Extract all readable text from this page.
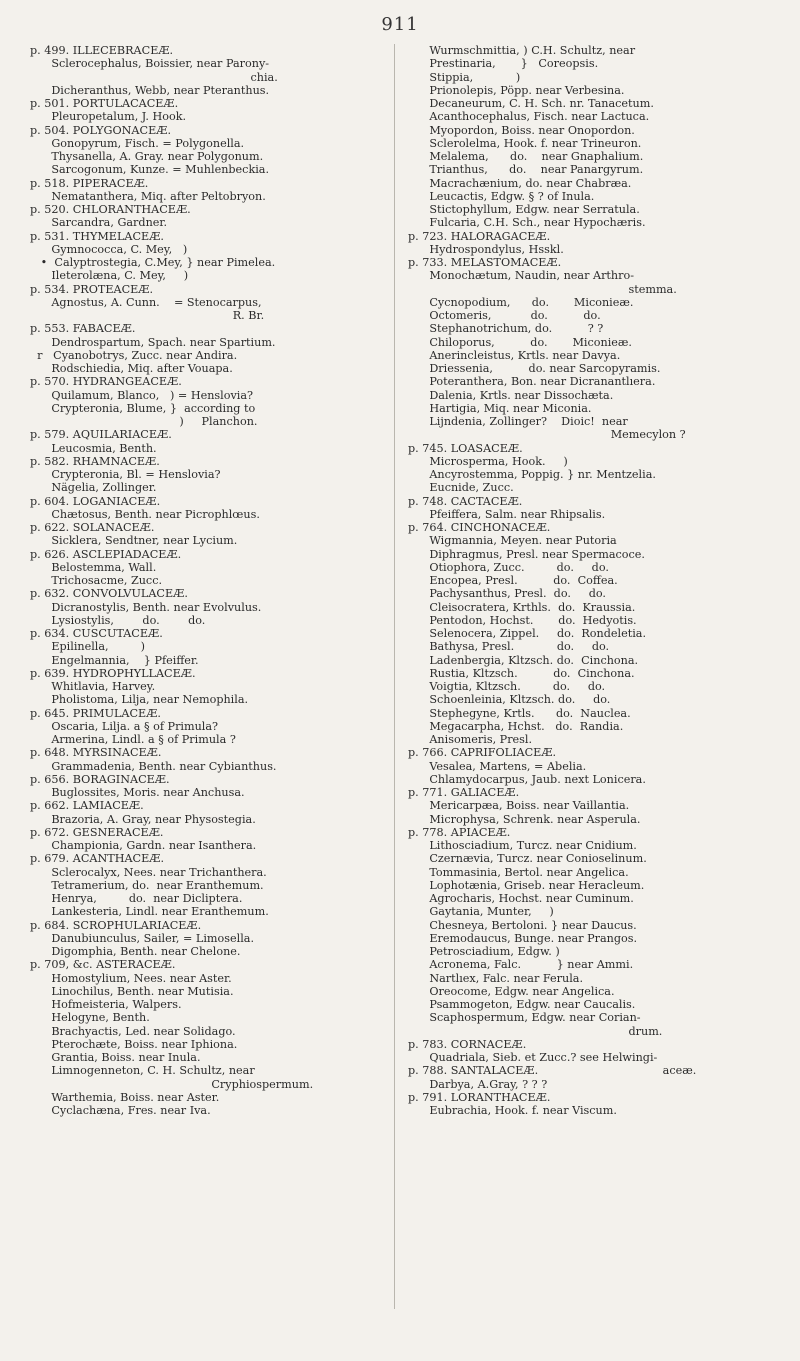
911
p. 499. ILLECEBRACEÆ.
Sclerocephalus, Boissier, near Parony-
chia.
Dicheranthus, Webb, near Pteranthus.
p. 501. PORTULACACEÆ.
Pleuropetalum, J. Hook.
p. 504. POLYGONACEÆ.
Gonopyrum, Fisch. = Polygonella.
Thysanella, A. Gray. near Polygonum.
Sarcogonum, Kunze. = Muhlenbeckia.
p. 518. PIPERACEÆ.
Nematanthera, Miq. after Peltobryon.
p. 520. CHLORANTHACEÆ.
Sarcandra, Gardner.
p. 531. THYMELACEÆ.
Gymnococca, C. Mey,   )
•  Calyptrostegia, C.Mey, } near Pimelea.
Ileterolæna, C. Mey,     )
p. 534. PROTEACEÆ.
Agnostus, A. Cunn.    = Stenocarpus,
R. Br.
p. 553. FABACEÆ.
Dendrospartum, Spach. near Spartium.
r   Cyanobotrys, Zucc. near Andira.
Rodschiedia, Miq. after Vouapa.
p. 570. HYDRANGEACEÆ.
Quilamum, Blanco,   ) = Henslovia?
Crypteronia, Blume, }  according to
)     Planchon.
p. 579. AQUILARIACEÆ.
Leucosmia, Benth.
p. 582. RHAMNACEÆ.
Crypteronia, Bl. = Henslovia?
Nägelia, Zollinger.
p. 604. LOGANIACEÆ.
Chætosus, Benth. near Picrophlœus.
p. 622. SOLANACEÆ.
Sicklera, Sendtner, near Lycium.
p. 626. ASCLEPIADACEÆ.
Belostemma, Wall.
Trichosacme, Zucc.
p. 632. CONVOLVULACEÆ.
Dicranostylis, Benth. near Evolvulus.
Lysiostylis,        do.        do.
p. 634. CUSCUTACEÆ.
Epilinella,         )
Engelmannia,    } Pfeiffer.
p. 639. HYDROPHYLLACEÆ.
Whitlavia, Harvey.
Pholistoma, Lilja, near Nemophila.
p. 645. PRIMULACEÆ.
Oscaria, Lilja. a § of Primula?
Armerina, Lindl. a § of Primula ?
p. 648. MYRSINACEÆ.
Grammadenia, Benth. near Cybianthus.
p. 656. BORAGINACEÆ.
Buglossites, Moris. near Anchusa.
p. 662. LAMIACEÆ.
Brazoria, A. Gray, near Physostegia.
p. 672. GESNERACEÆ.
Championia, Gardn. near Isanthera.
p. 679. ACANTHACEÆ.
Sclerocalyx, Nees. near Trichanthera.
Tetramerium, do.  near Eranthemum.
Henrya,         do.  near Dicliptera.
Lankesteria, Lindl. near Eranthemum.
p. 684. SCROPHULARIACEÆ.
Danubiunculus, Sailer, = Limosella.
Digomphia, Benth. near Chelone.
p. 709, &c. ASTERACEÆ.
Homostylium, Nees. near Aster.
Linochilus, Benth. near Mutisia.
Hofmeisteria, Walpers.
Helogyne, Benth.
Brachyactis, Led. near Solidago.
Pterochæte, Boiss. near Iphiona.
Grantia, Boiss. near Inula.
Limnogenneton, C. H. Schultz, near
Cryphiospermum.
Warthemia, Boiss. near Aster.
Cyclachæna, Fres. near Iva.
Wurmschmittia, ) C.H. Schultz, near
Prestinaria,       }   Coreopsis.
Stippia,            )
Prionolepis, Pöpp. near Verbesina.
Decaneurum, C. H. Sch. nr. Tanacetum.
Acanthocephalus, Fisch. near Lactuca.
Myopordon, Boiss. near Onopordon.
Sclerolelma, Hook. f. near Trineuron.
Melalema,      do.    near Gnaphalium.
Trianthus,      do.    near Panargyrum.
Macrachænium, do. near Chabræa.
Leucactis, Edgw. § ? of Inula.
Stictophyllum, Edgw. near Serratula.
Fulcaria, C.H. Sch., near Hypochæris.
p. 723. HALORAGACEÆ.
Hydrospondylus, Hsskl.
p. 733. MELASTOMACEÆ.
Monochætum, Naudin, near Arthro-
stemma.
Cycnopodium,      do.       Miconieæ.
Octomeris,           do.          do.
Stephanotrichum, do.          ? ?
Chiloporus,          do.       Miconieæ.
Anerincleistus, Krtls. near Davya.
Driessenia,          do. near Sarcopyramis.
Poteranthera, Bon. near Dicranantlıera.
Dalenia, Krtls. near Dissochæta.
Hartigia, Miq. near Miconia.
Lijndenia, Zollinger?    Dioic!  near
Memecylon ?
p. 745. LOASACEÆ.
Microsperma, Hook.     )
Ancyrostemma, Poppig. } nr. Mentzelia.
Eucnide, Zucc.
p. 748. CACTACEÆ.
Pfeiffera, Salm. near Rhipsalis.
p. 764. CINCHONACEÆ.
Wigmannia, Meyen. near Putoria
Diphragmus, Presl. near Spermacoce.
Otiophora, Zucc.         do.     do.
Encopea, Presl.          do.  Coffea.
Pachysanthus, Presl.  do.     do.
Cleisocratera, Krthls.  do.  Kraussia.
Pentodon, Hochst.       do.  Hedyotis.
Selenocera, Zippel.     do.  Rondeletia.
Bathysa, Presl.            do.     do.
Ladenbergia, Kltzsch. do.  Cinchona.
Rustia, Kltzsch.          do.  Cinchona.
Voigtia, Kltzsch.         do.     do.
Schoenleinia, Kltzsch. do.     do.
Stephegyne, Krtls.      do.  Nauclea.
Megacarpha, Hchst.   do.  Randia.
Anisomeris, Presl.
p. 766. CAPRIFOLIACEÆ.
Vesalea, Martens, = Abelia.
Chlamydocarpus, Jaub. next Lonicera.
p. 771. GALIACEÆ.
Mericarpæa, Boiss. near Vaillantia.
Microphysa, Schrenk. near Asperula.
p. 778. APIACEÆ.
Lithosciadium, Turcz. near Cnidium.
Czernævia, Turcz. near Conioselinum.
Tommasinia, Bertol. near Angelica.
Lophotænia, Griseb. near Heracleum.
Agrocharis, Hochst. near Cuminum.
Gaytania, Munter,     )
Chesneya, Bertoloni. } near Daucus.
Eremodaucus, Bunge. near Prangos.
Petrosciadium, Edgw. )
Acronema, Falc.          } near Ammi.
Nartlıex, Falc. near Ferula.
Oreocome, Edgw. near Angelica.
Psammogeton, Edgw. near Caucalis.
Scaphospermum, Edgw. near Corian-
drum.
p. 783. CORNACEÆ.
Quadriala, Sieb. et Zucc.? see Helwingi-
p. 788. SANTALACEÆ.                                   aceæ.
Darbya, A.Gray, ? ? ?
p. 791. LORANTHACEÆ.
Eubrachia, Hook. f. near Viscum.
